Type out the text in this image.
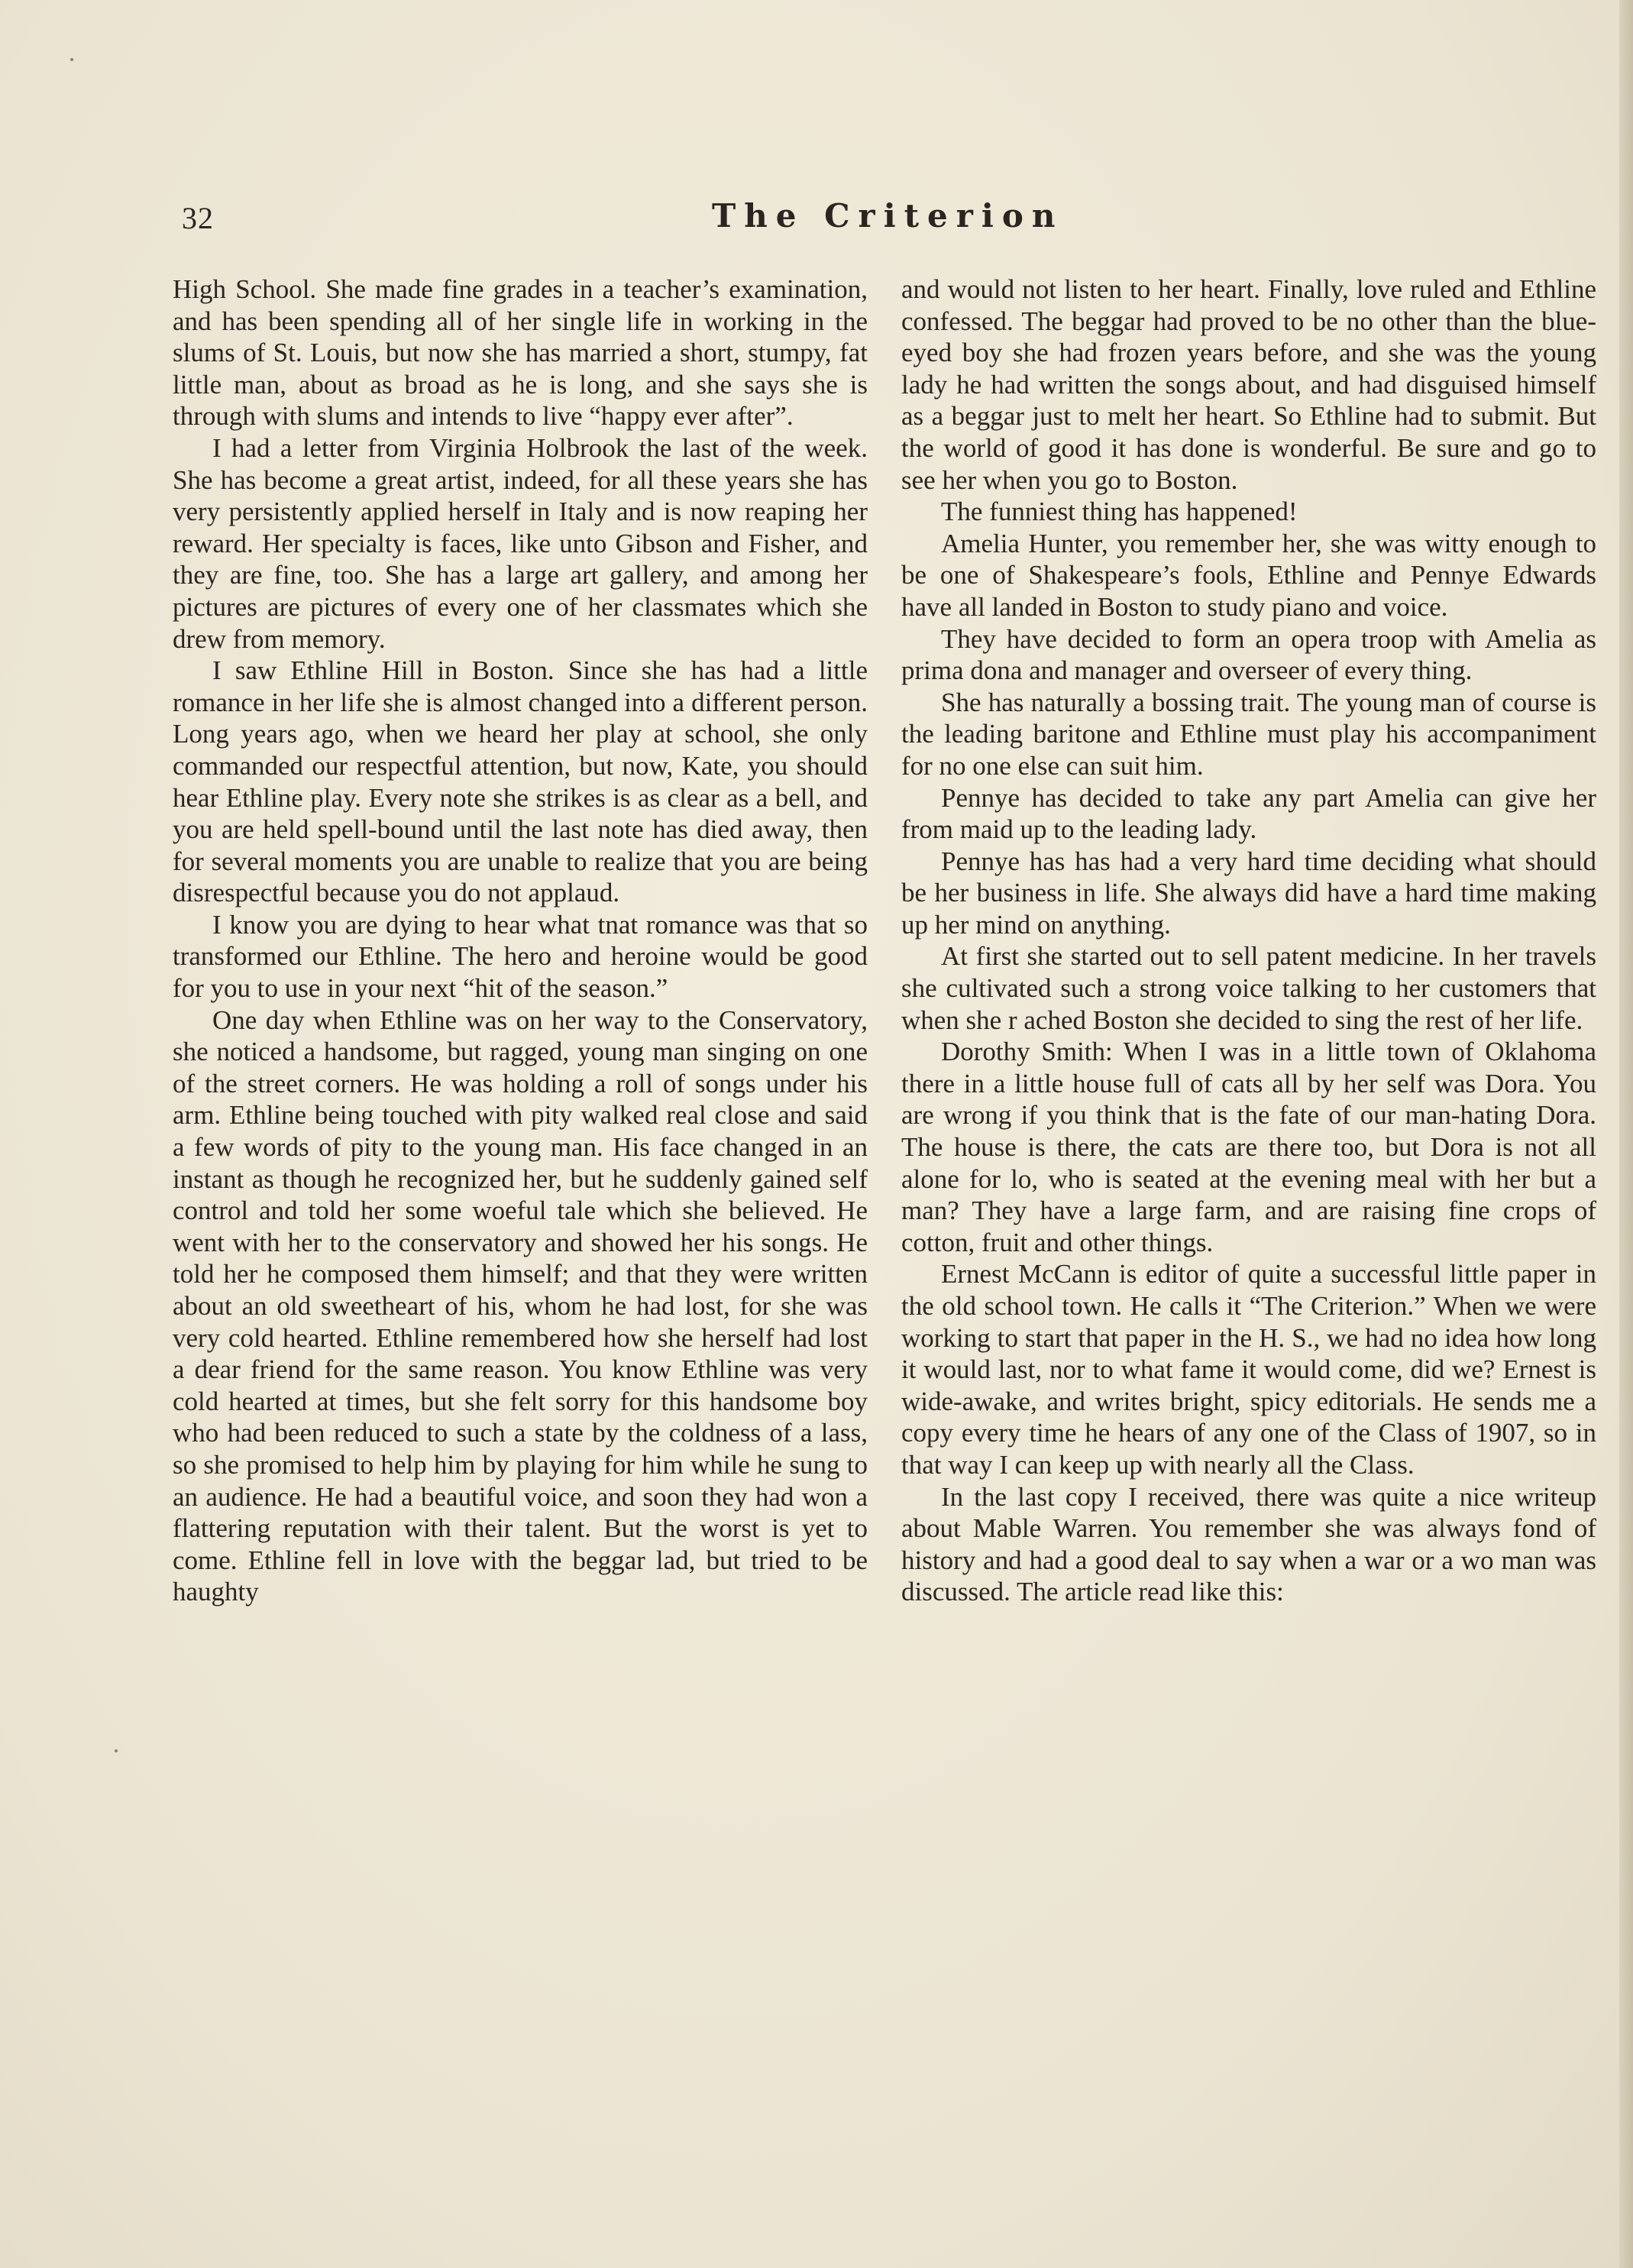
32	The Criterion

High School. She made fine grades in a teacher’s examination, and has been spending all of her single life in working in the slums of St. Louis, but now she has married a short, stumpy, fat little man, about as broad as he is long, and she says she is through with slums and intends to live “happy ever after”.

I had a letter from Virginia Holbrook the last of the week. She has become a great artist, indeed, for all these years she has very persistently applied herself in Italy and is now reaping her reward. Her specialty is faces, like unto Gibson and Fisher, and they are fine, too. She has a large art gallery, and among her pictures are pictures of every one of her classmates which she drew from memory.

I saw Ethline Hill in Boston. Since she has had a little romance in her life she is almost changed into a different person. Long years ago, when we heard her play at school, she only commanded our respectful attention, but now, Kate, you should hear Ethline play. Every note she strikes is as clear as a bell, and you are held spell-bound until the last note has died away, then for several moments you are unable to realize that you are being disrespectful because you do not applaud.

I know you are dying to hear what tnat romance was that so transformed our Ethline. The hero and heroine would be good for you to use in your next “hit of the season.”

One day when Ethline was on her way to the Conservatory, she noticed a handsome, but ragged, young man singing on one of the street corners. He was holding a roll of songs under his arm. Ethline being touched with pity walked real close and said a few words of pity to the young man. His face changed in an instant as though he recognized her, but he suddenly gained self control and told her some woeful tale which she believed. He went with her to the conservatory and showed her his songs. He told her he composed them himself; and that they were written about an old sweetheart of his, whom he had lost, for she was very cold hearted. Ethline remembered how she herself had lost a dear friend for the same reason. You know Ethline was very cold hearted at times, but she felt sorry for this handsome boy who had been reduced to such a state by the coldness of a lass, so she promised to help him by playing for him while he sung to an audience. He had a beautiful voice, and soon they had won a flattering reputation with their talent. But the worst is yet to come. Ethline fell in love with the beggar lad, but tried to be haughty

and would not listen to her heart. Finally, love ruled and Ethline confessed. The beggar had proved to be no other than the blue-eyed boy she had frozen years before, and she was the young lady he had written the songs about, and had disguised himself as a beggar just to melt her heart. So Ethline had to submit. But the world of good it has done is wonderful. Be sure and go to see her when you go to Boston.

The funniest thing has happened!

Amelia Hunter, you remember her, she was witty enough to be one of Shakespeare’s fools, Ethline and Pennye Edwards have all landed in Boston to study piano and voice.

They have decided to form an opera troop with Amelia as prima dona and manager and overseer of every thing.

She has naturally a bossing trait. The young man of course is the leading baritone and Ethline must play his accompaniment for no one else can suit him.

Pennye has decided to take any part Amelia can give her from maid up to the leading lady.

Pennye has has had a very hard time deciding what should be her business in life. She always did have a hard time making up her mind on anything.

At first she started out to sell patent medicine. In her travels she cultivated such a strong voice talking to her customers that when she r ached Boston she decided to sing the rest of her life.

Dorothy Smith: When I was in a little town of Oklahoma there in a little house full of cats all by her self was Dora. You are wrong if you think that is the fate of our man-hating Dora. The house is there, the cats are there too, but Dora is not all alone for lo, who is seated at the evening meal with her but a man? They have a large farm, and are raising fine crops of cotton, fruit and other things.

Ernest McCann is editor of quite a successful little paper in the old school town. He calls it “The Criterion.” When we were working to start that paper in the H. S., we had no idea how long it would last, nor to what fame it would come, did we? Ernest is wide-awake, and writes bright, spicy editorials. He sends me a copy every time he hears of any one of the Class of 1907, so in that way I can keep up with nearly all the Class.

In the last copy I received, there was quite a nice writeup about Mable Warren. You remember she was always fond of history and had a good deal to say when a war or a wo man was discussed. The article read like this:
